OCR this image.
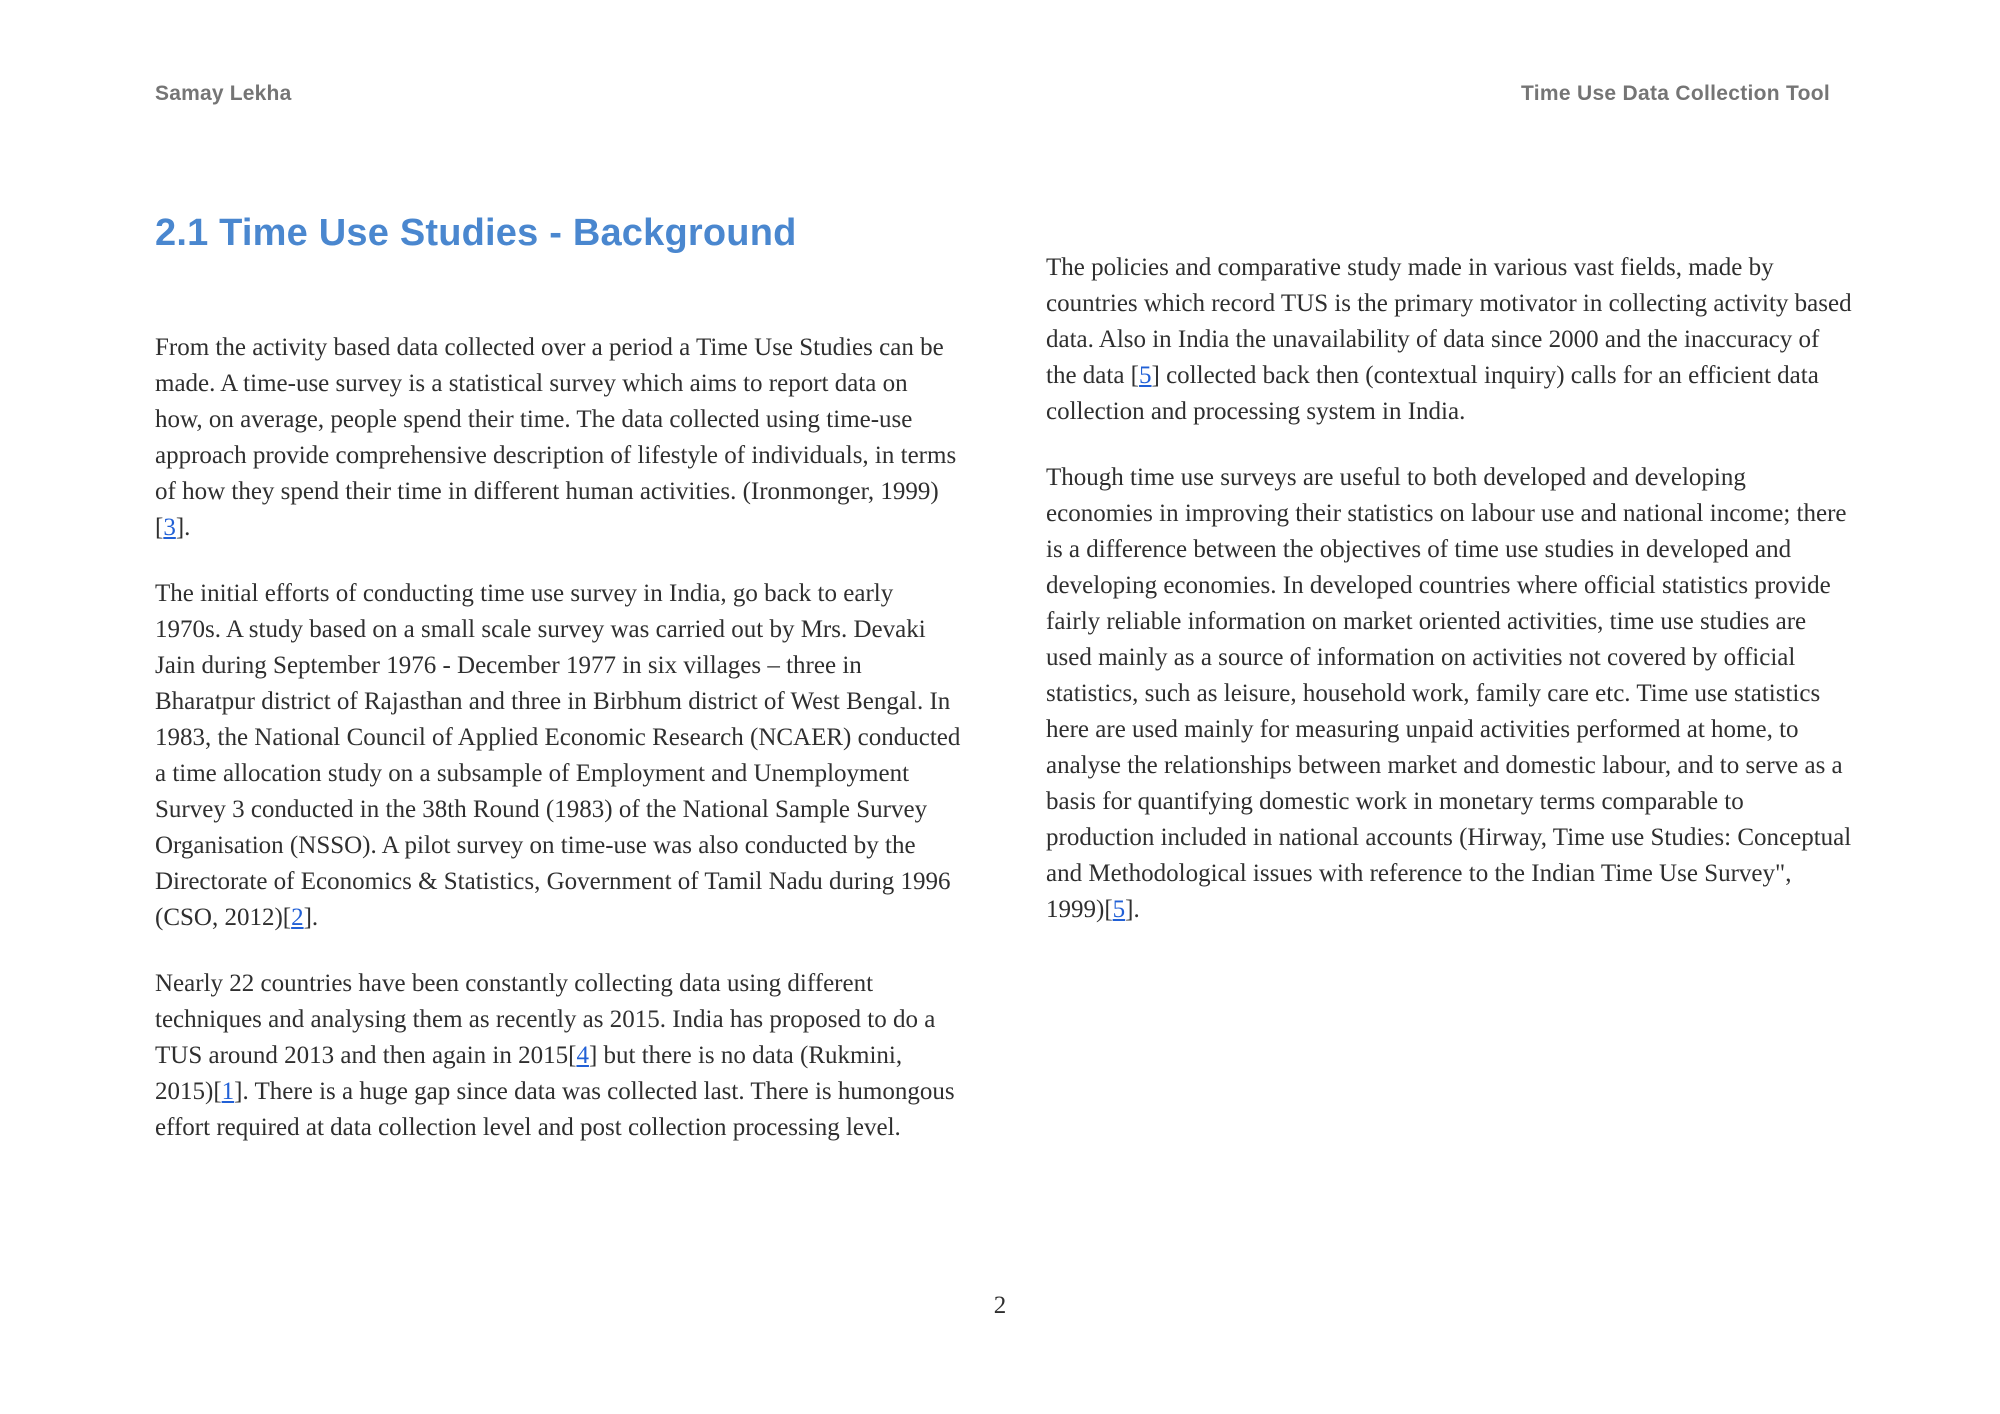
Samay Lekha	Time Use Data Collection Tool
2.1 Time Use Studies - Background

From the activity based data collected over a period a Time Use Studies can be made. A time-use survey is a statistical survey which aims to report data on how, on average, people spend their time. The data collected using time-use approach provide comprehensive description of lifestyle of individuals, in terms of how they spend their time in different human activities. (Ironmonger, 1999)[3].

The initial efforts of conducting time use survey in India, go back to early 1970s. A study based on a small scale survey was carried out by Mrs. Devaki Jain during September 1976 - December 1977 in six villages – three in Bharatpur district of Rajasthan and three in Birbhum district of West Bengal. In 1983, the National Council of Applied Economic Research (NCAER) conducted a time allocation study on a subsample of Employment and Unemployment Survey 3 conducted in the 38th Round (1983) of the National Sample Survey Organisation (NSSO). A pilot survey on time-use was also conducted by the Directorate of Economics & Statistics, Government of Tamil Nadu during 1996 (CSO, 2012)[2].

Nearly 22 countries have been constantly collecting data using different techniques and analysing them as recently as 2015. India has proposed to do a TUS around 2013 and then again in 2015[4] but there is no data (Rukmini, 2015)[1]. There is a huge gap since data was collected last. There is humongous effort required at data collection level and post collection processing level.

The policies and comparative study made in various vast fields, made by countries which record TUS is the primary motivator in collecting activity based data. Also in India the unavailability of data since 2000 and the inaccuracy of the data [5] collected back then (contextual inquiry) calls for an efficient data collection and processing system in India.

Though time use surveys are useful to both developed and developing economies in improving their statistics on labour use and national income; there is a difference between the objectives of time use studies in developed and developing economies. In developed countries where official statistics provide fairly reliable information on market oriented activities, time use studies are used mainly as a source of information on activities not covered by official statistics, such as leisure, household work, family care etc. Time use statistics here are used mainly for measuring unpaid activities performed at home, to analyse the relationships between market and domestic labour, and to serve as a basis for quantifying domestic work in monetary terms comparable to production included in national accounts (Hirway, Time use Studies: Conceptual and Methodological issues with reference to the Indian Time Use Survey", 1999)[5].

2
